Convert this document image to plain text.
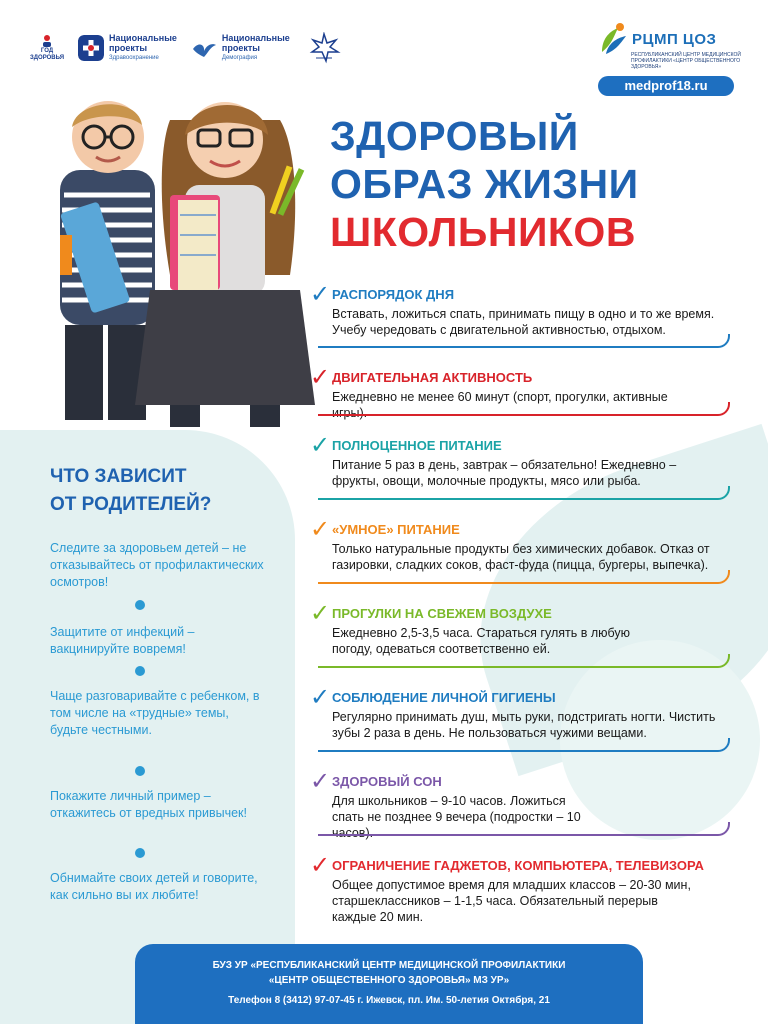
ГОД ЗДОРОВЬЯ
Национальные
проекты
Здравоохранение
Национальные
проекты
Демография
РЦМП ЦОЗ
РЕСПУБЛИКАНСКИЙ ЦЕНТР МЕДИЦИНСКОЙ ПРОФИЛАКТИКИ «ЦЕНТР ОБЩЕСТВЕННОГО ЗДОРОВЬЯ»
medprof18.ru
ЗДОРОВЫЙ
ОБРАЗ ЖИЗНИ
ШКОЛЬНИКОВ
ЧТО ЗАВИСИТ
ОТ РОДИТЕЛЕЙ?
Следите за здоровьем детей – не отказывайтесь от профилактических осмотров!
Защитите от инфекций – вакцинируйте вовремя!
Чаще разговаривайте с ребенком, в том числе на «трудные» темы, будьте честными.
Покажите личный пример – откажитесь от вредных привычек!
Обнимайте своих детей и говорите, как сильно вы их любите!
✓ РАСПОРЯДОК ДНЯ
Вставать, ложиться спать, принимать пищу в одно и то же время. Учебу чередовать с двигательной активностью, отдыхом.
✓ ДВИГАТЕЛЬНАЯ АКТИВНОСТЬ
Ежедневно не менее 60 минут (спорт, прогулки, активные игры).
✓ ПОЛНОЦЕННОЕ ПИТАНИЕ
Питание 5 раз в день, завтрак – обязательно! Ежедневно – фрукты, овощи, молочные продукты, мясо или рыба.
✓ «УМНОЕ» ПИТАНИЕ
Только натуральные продукты без химических добавок. Отказ от газировки, сладких соков, фаст-фуда (пицца, бургеры, выпечка).
✓ ПРОГУЛКИ НА СВЕЖЕМ ВОЗДУХЕ
Ежедневно 2,5-3,5 часа. Стараться гулять в любую погоду, одеваться соответственно ей.
✓ СОБЛЮДЕНИЕ ЛИЧНОЙ ГИГИЕНЫ
Регулярно принимать душ, мыть руки, подстригать ногти. Чистить зубы 2 раза в день. Не пользоваться чужими вещами.
✓ ЗДОРОВЫЙ СОН
Для школьников – 9-10 часов. Ложиться спать не позднее 9 вечера (подростки – 10 часов).
✓ ОГРАНИЧЕНИЕ ГАДЖЕТОВ, КОМПЬЮТЕРА, ТЕЛЕВИЗОРА
Общее допустимое время для младших классов – 20-30 мин, старшеклассников – 1-1,5 часа. Обязательный перерыв каждые 20 мин.
БУЗ УР «РЕСПУБЛИКАНСКИЙ ЦЕНТР МЕДИЦИНСКОЙ ПРОФИЛАКТИКИ
«ЦЕНТР ОБЩЕСТВЕННОГО ЗДОРОВЬЯ» МЗ УР»
Телефон 8 (3412) 97-07-45 г. Ижевск, пл. Им. 50-летия Октября, 21
